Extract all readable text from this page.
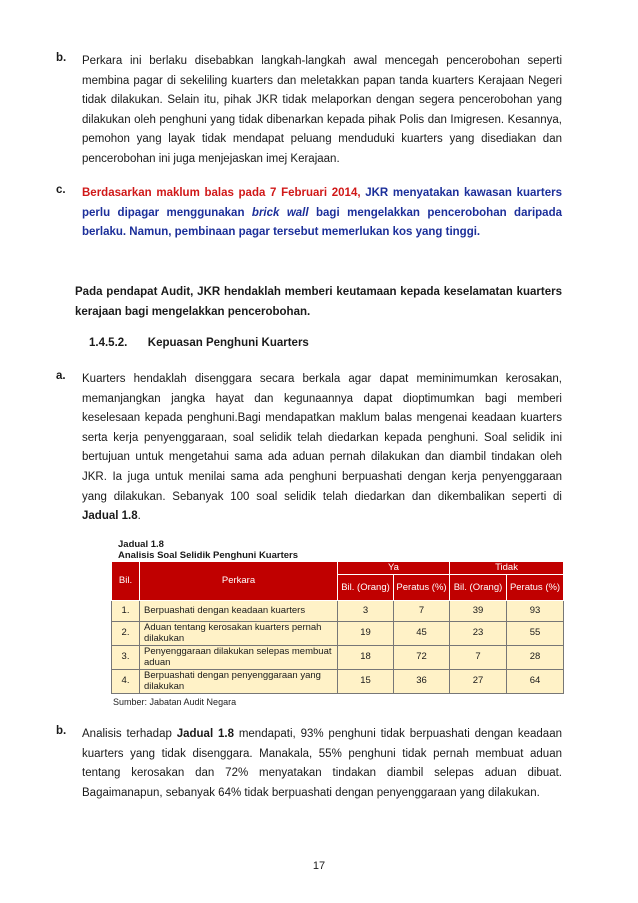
b. Perkara ini berlaku disebabkan langkah-langkah awal mencegah pencerobohan seperti membina pagar di sekeliling kuarters dan meletakkan papan tanda kuarters Kerajaan Negeri tidak dilakukan. Selain itu, pihak JKR tidak melaporkan dengan segera pencerobohan yang dilakukan oleh penghuni yang tidak dibenarkan kepada pihak Polis dan Imigresen. Kesannya, pemohon yang layak tidak mendapat peluang menduduki kuarters yang disediakan dan pencerobohan ini juga menjejaskan imej Kerajaan.

c. Berdasarkan maklum balas pada 7 Februari 2014, JKR menyatakan kawasan kuarters perlu dipagar menggunakan brick wall bagi mengelakkan pencerobohan daripada berlaku. Namun, pembinaan pagar tersebut memerlukan kos yang tinggi.

Pada pendapat Audit, JKR hendaklah memberi keutamaan kepada keselamatan kuarters kerajaan bagi mengelakkan pencerobohan.

1.4.5.2. Kepuasan Penghuni Kuarters
a. Kuarters hendaklah disenggara secara berkala agar dapat meminimumkan kerosakan, memanjangkan jangka hayat dan kegunaannya dapat dioptimumkan bagi memberi keselesaan kepada penghuni.Bagi mendapatkan maklum balas mengenai keadaan kuarters serta kerja penyenggaraan, soal selidik telah diedarkan kepada penghuni. Soal selidik ini bertujuan untuk mengetahui sama ada aduan pernah dilakukan dan diambil tindakan oleh JKR. Ia juga untuk menilai sama ada penghuni berpuashati dengan kerja penyenggaraan yang dilakukan. Sebanyak 100 soal selidik telah diedarkan dan dikembalikan seperti di Jadual 1.8.

Jadual 1.8
Analisis Soal Selidik Penghuni Kuarters
Bil.	Perkara	Ya		Tidak	
		Bil. (Orang)	Peratus (%)	Bil. (Orang)	Peratus (%)
1.	Berpuashati dengan keadaan kuarters	3	7	39	93
2.	Aduan tentang kerosakan kuarters pernah dilakukan	19	45	23	55
3.	Penyenggaraan dilakukan selepas membuat aduan	18	72	7	28
4.	Berpuashati dengan penyenggaraan yang dilakukan	15	36	27	64
Sumber: Jabatan Audit Negara
b. Analisis terhadap Jadual 1.8 mendapati, 93% penghuni tidak berpuashati dengan keadaan kuarters yang tidak disenggara. Manakala, 55% penghuni tidak pernah membuat aduan tentang kerosakan dan 72% menyatakan tindakan diambil selepas aduan dibuat. Bagaimanapun, sebanyak 64% tidak berpuashati dengan penyenggaraan yang dilakukan.

17
